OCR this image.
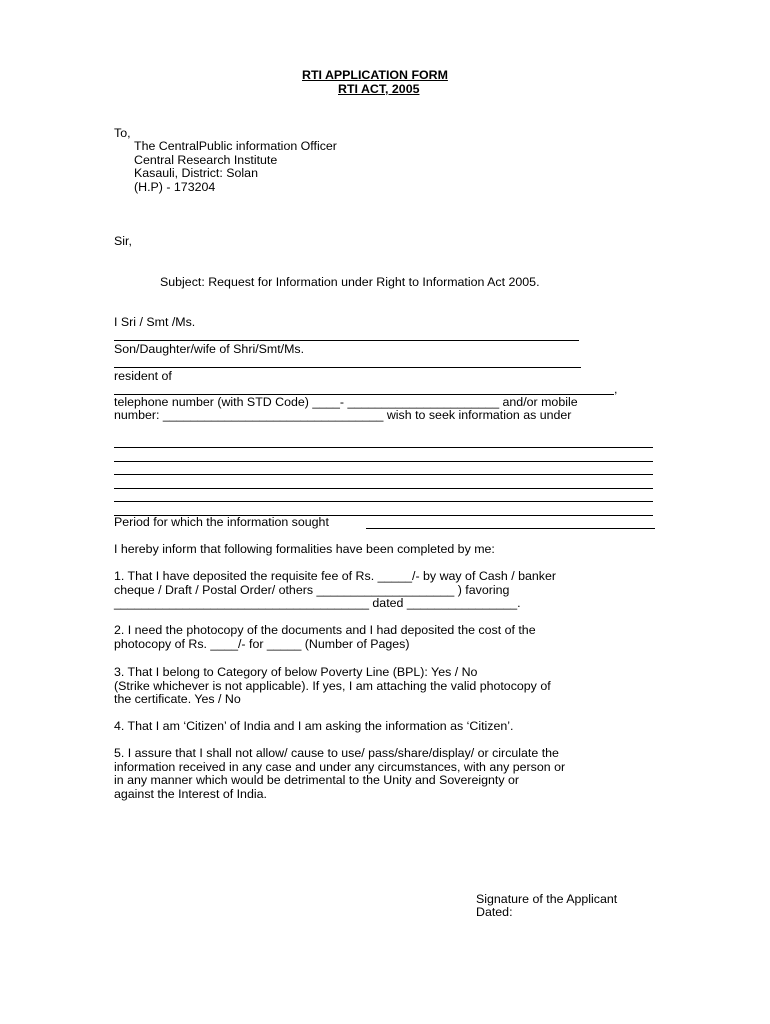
RTI APPLICATION FORM

RTI ACT, 2005

To,

The CentralPublic information Officer

Central Research Institute

Kasauli, District: Solan

(H.P) - 173204

Sir,

Subject: Request for Information under Right to Information Act 2005.

I Sri / Smt /Ms.

Son/Daughter/wife of Shri/Smt/Ms.

resident of

,

telephone number (with STD Code) ____- ______________________ and/or mobile

number: ________________________________ wish to seek information as under

Period for which the information sought

I hereby inform that following formalities have been completed by me:

1. That I have deposited the requisite fee of Rs. _____/- by way of Cash / banker

cheque / Draft / Postal Order/ others ____________________ ) favoring

_____________________________________ dated ________________.

2. I need the photocopy of the documents and I had deposited the cost of the

photocopy of Rs. ____/- for _____ (Number of Pages)

3. That I belong to Category of below Poverty Line (BPL): Yes / No

(Strike whichever is not applicable). If yes, I am attaching the valid photocopy of

the certificate. Yes / No

4. That I am ‘Citizen’ of India and I am asking the information as ‘Citizen’.

5. I assure that I shall not allow/ cause to use/ pass/share/display/ or circulate the

information received in any case and under any circumstances, with any person or

in any manner which would be detrimental to the Unity and Sovereignty or

against the Interest of India.

Signature of the Applicant

Dated:
